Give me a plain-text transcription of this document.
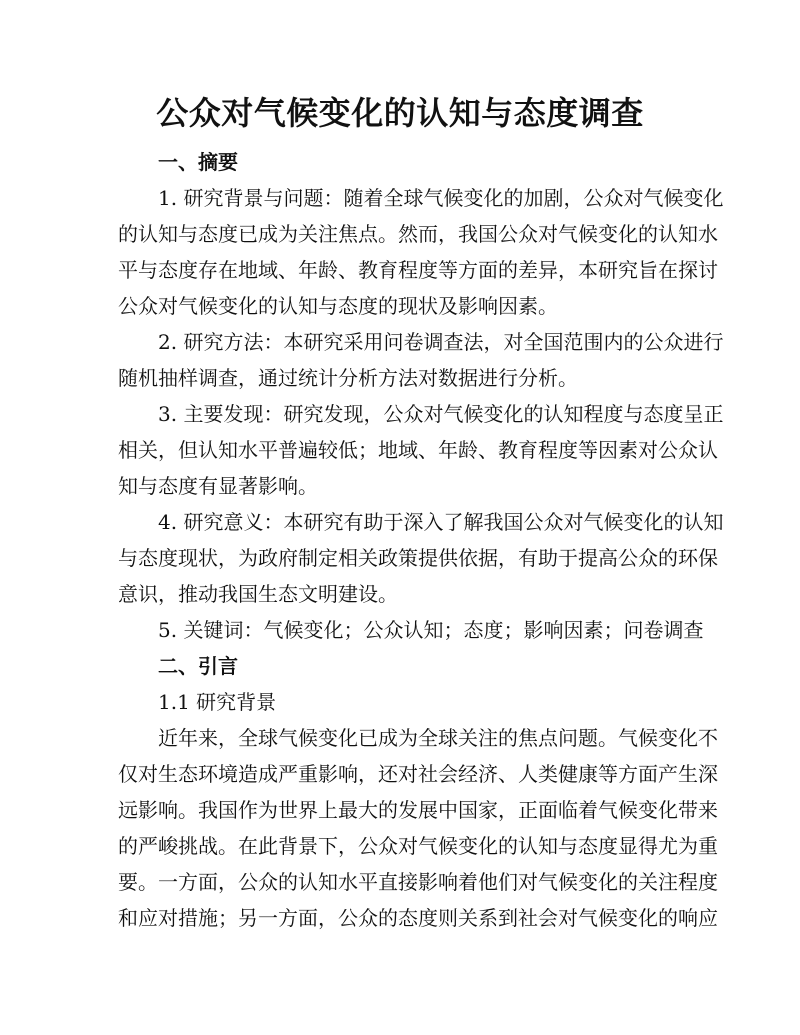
公众对气候变化的认知与态度调查
一、摘要
1. 研究背景与问题：随着全球气候变化的加剧，公众对气候变化
的认知与态度已成为关注焦点。然而，我国公众对气候变化的认知水
平与态度存在地域、年龄、教育程度等方面的差异，本研究旨在探讨
公众对气候变化的认知与态度的现状及影响因素。
2. 研究方法：本研究采用问卷调查法，对全国范围内的公众进行
随机抽样调查，通过统计分析方法对数据进行分析。
3. 主要发现：研究发现，公众对气候变化的认知程度与态度呈正
相关，但认知水平普遍较低；地域、年龄、教育程度等因素对公众认
知与态度有显著影响。
4. 研究意义：本研究有助于深入了解我国公众对气候变化的认知
与态度现状，为政府制定相关政策提供依据，有助于提高公众的环保
意识，推动我国生态文明建设。
5. 关键词：气候变化；公众认知；态度；影响因素；问卷调查
二、引言
1.1 研究背景
近年来，全球气候变化已成为全球关注的焦点问题。气候变化不
仅对生态环境造成严重影响，还对社会经济、人类健康等方面产生深
远影响。我国作为世界上最大的发展中国家，正面临着气候变化带来
的严峻挑战。在此背景下，公众对气候变化的认知与态度显得尤为重
要。一方面，公众的认知水平直接影响着他们对气候变化的关注程度
和应对措施；另一方面，公众的态度则关系到社会对气候变化的响应
